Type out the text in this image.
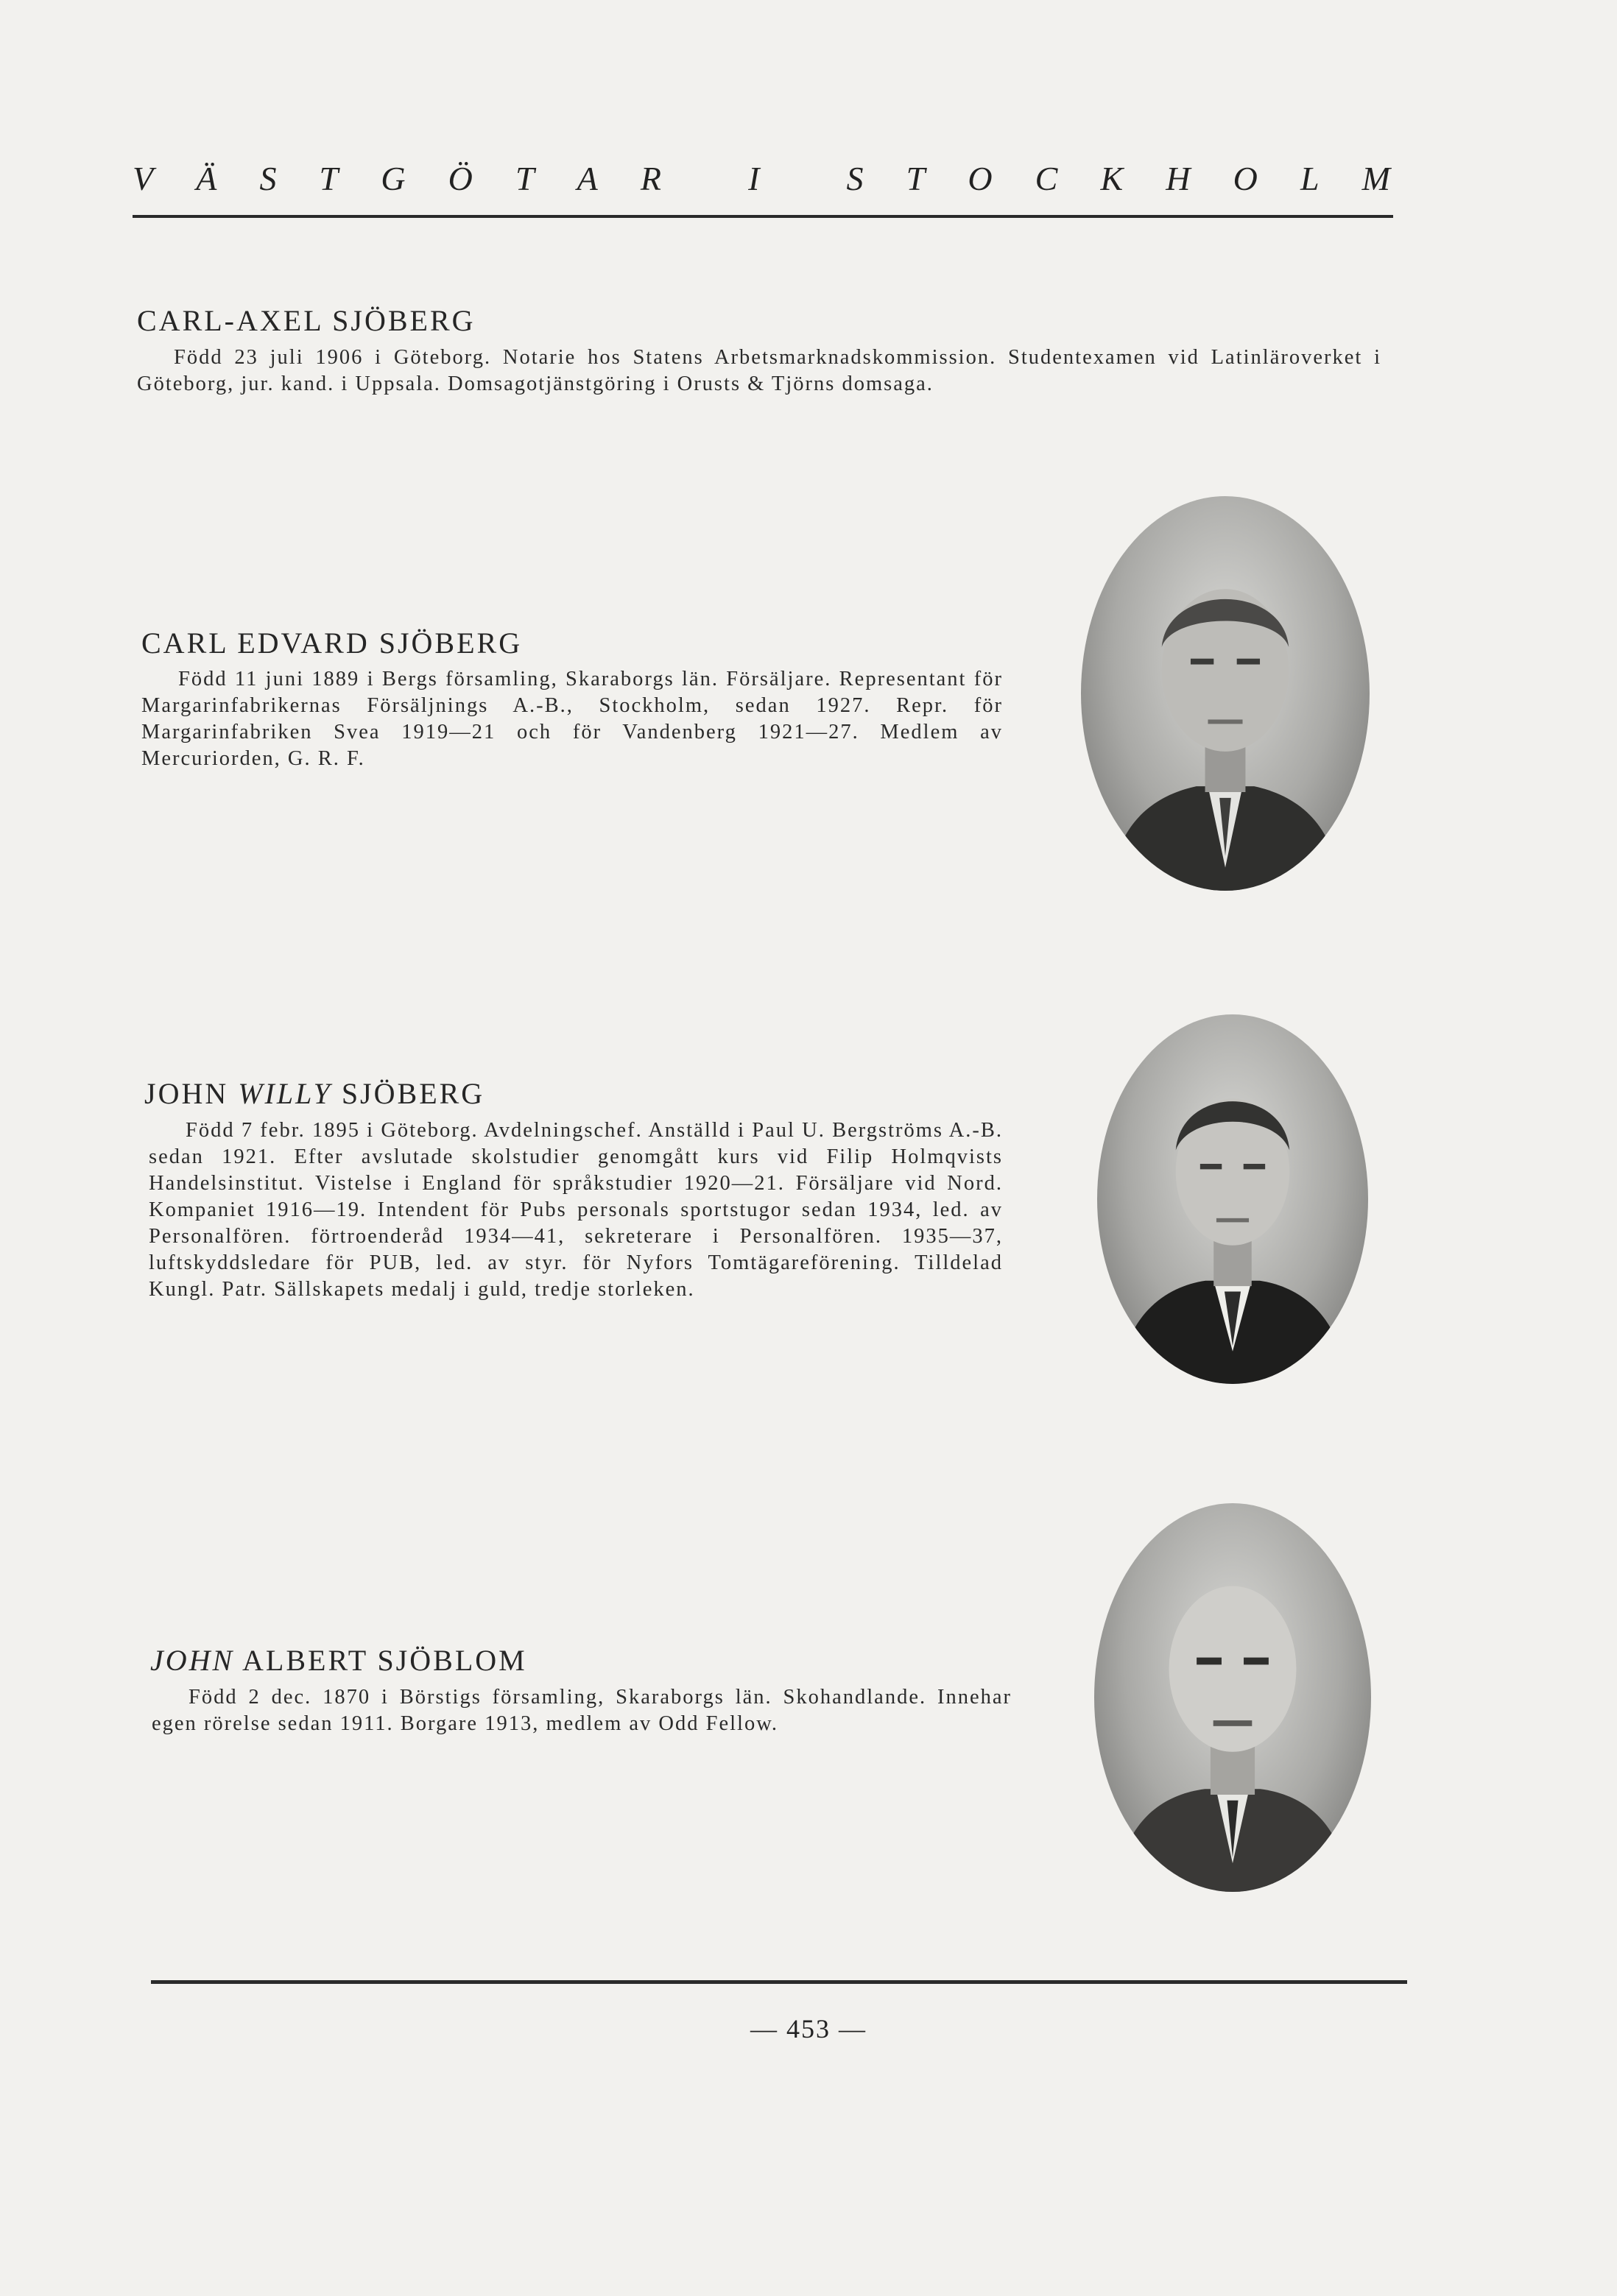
V Ä S T G Ö T A R	I	S T O C K H O L M
CARL-AXEL SJÖBERG
Född 23 juli 1906 i Göteborg. Notarie hos Statens Arbetsmarknadskommission. Studentexamen vid Latinläroverket i Göteborg, jur. kand. i Uppsala. Domsagotjänstgöring i Orusts & Tjörns domsaga.
CARL EDVARD SJÖBERG
Född 11 juni 1889 i Bergs församling, Skaraborgs län. Försäljare. Representant för Margarinfabrikernas Försäljnings A.-B., Stockholm, sedan 1927. Repr. för Margarinfabriken Svea 1919—21 och för Vandenberg 1921—27. Medlem av Mercuriorden, G. R. F.
JOHN WILLY SJÖBERG
Född 7 febr. 1895 i Göteborg. Avdelningschef. Anställd i Paul U. Bergströms A.-B. sedan 1921. Efter avslutade skolstudier genomgått kurs vid Filip Holmqvists Handelsinstitut. Vistelse i England för språkstudier 1920—21. Försäljare vid Nord. Kompaniet 1916—19. Intendent för Pubs personals sportstugor sedan 1934, led. av Personalfören. förtroenderåd 1934—41, sekreterare i Personalfören. 1935—37, luftskyddsledare för PUB, led. av styr. för Nyfors Tomtägareförening. Tilldelad Kungl. Patr. Sällskapets medalj i guld, tredje storleken.
JOHN ALBERT SJÖBLOM
Född 2 dec. 1870 i Börstigs församling, Skaraborgs län. Skohandlande. Innehar egen rörelse sedan 1911. Borgare 1913, medlem av Odd Fellow.
— 453 —
